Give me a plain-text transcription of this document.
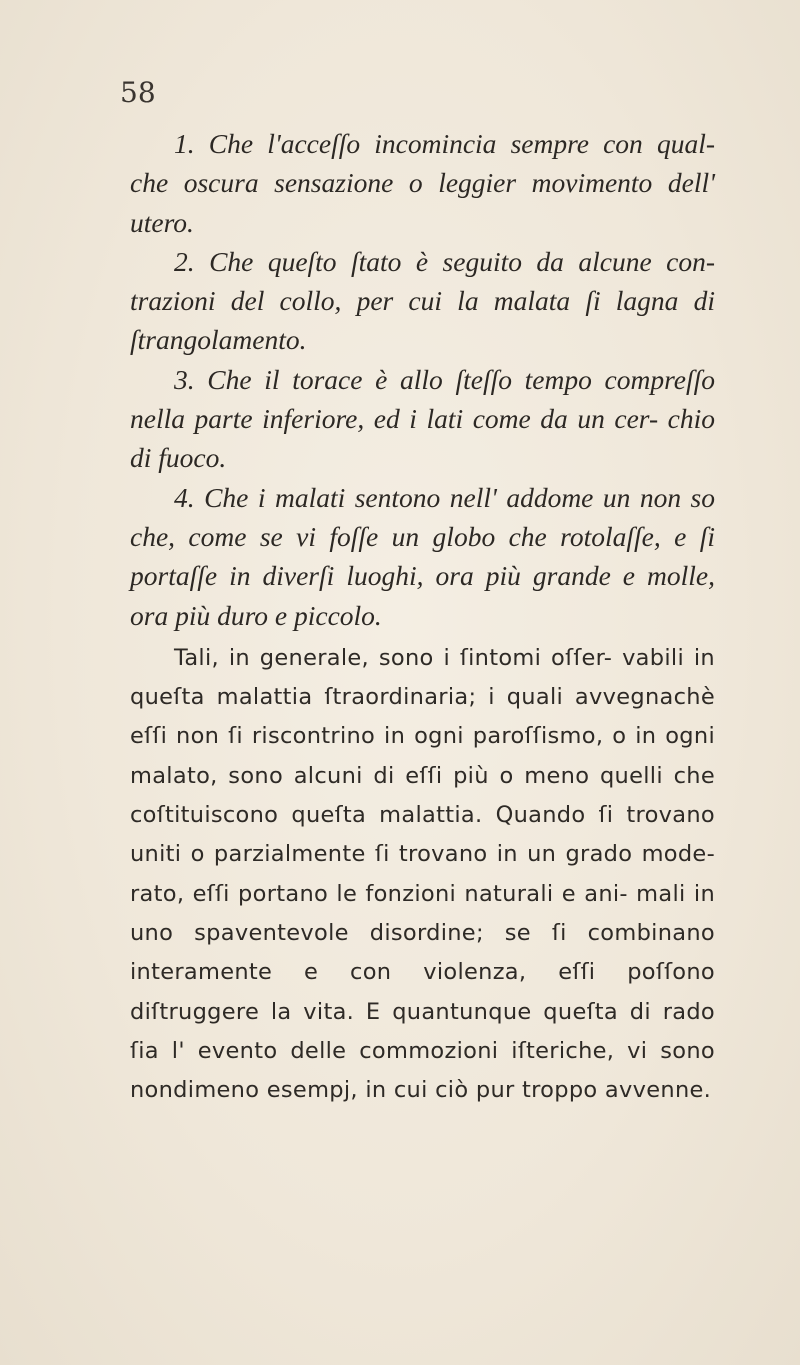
58

1. Che l'acceſſo incomincia sempre con qual- che oscura sensazione o leggier movimento dell' utero.

2. Che queſto ſtato è seguito da alcune con- trazioni del collo, per cui la malata ſi lagna di ſtrangolamento.

3. Che il torace è allo ſteſſo tempo compreſſo nella parte inferiore, ed i lati come da un cer- chio di fuoco.

4. Che i malati sentono nell' addome un non so che, come se vi foſſe un globo che rotolaſſe, e ſi portaſſe in diverſi luoghi, ora più grande e molle, ora più duro e piccolo.

Tali, in generale, sono i ſintomi oſſer- vabili in queſta malattia ſtraordinaria; i quali avvegnachè eſſi non ſi riscontrino in ogni paroſſismo, o in ogni malato, sono alcuni di eſſi più o meno quelli che coſtituiscono queſta malattia. Quando ſi trovano uniti o parzialmente ſi trovano in un grado mode- rato, eſſi portano le fonzioni naturali e ani- mali in uno spaventevole disordine; se ſi combinano interamente e con violenza, eſſi poſſono diſtruggere la vita. E quantunque queſta di rado ſia l' evento delle commozioni iſteriche, vi sono nondimeno esempj, in cui ciò pur troppo avvenne.
